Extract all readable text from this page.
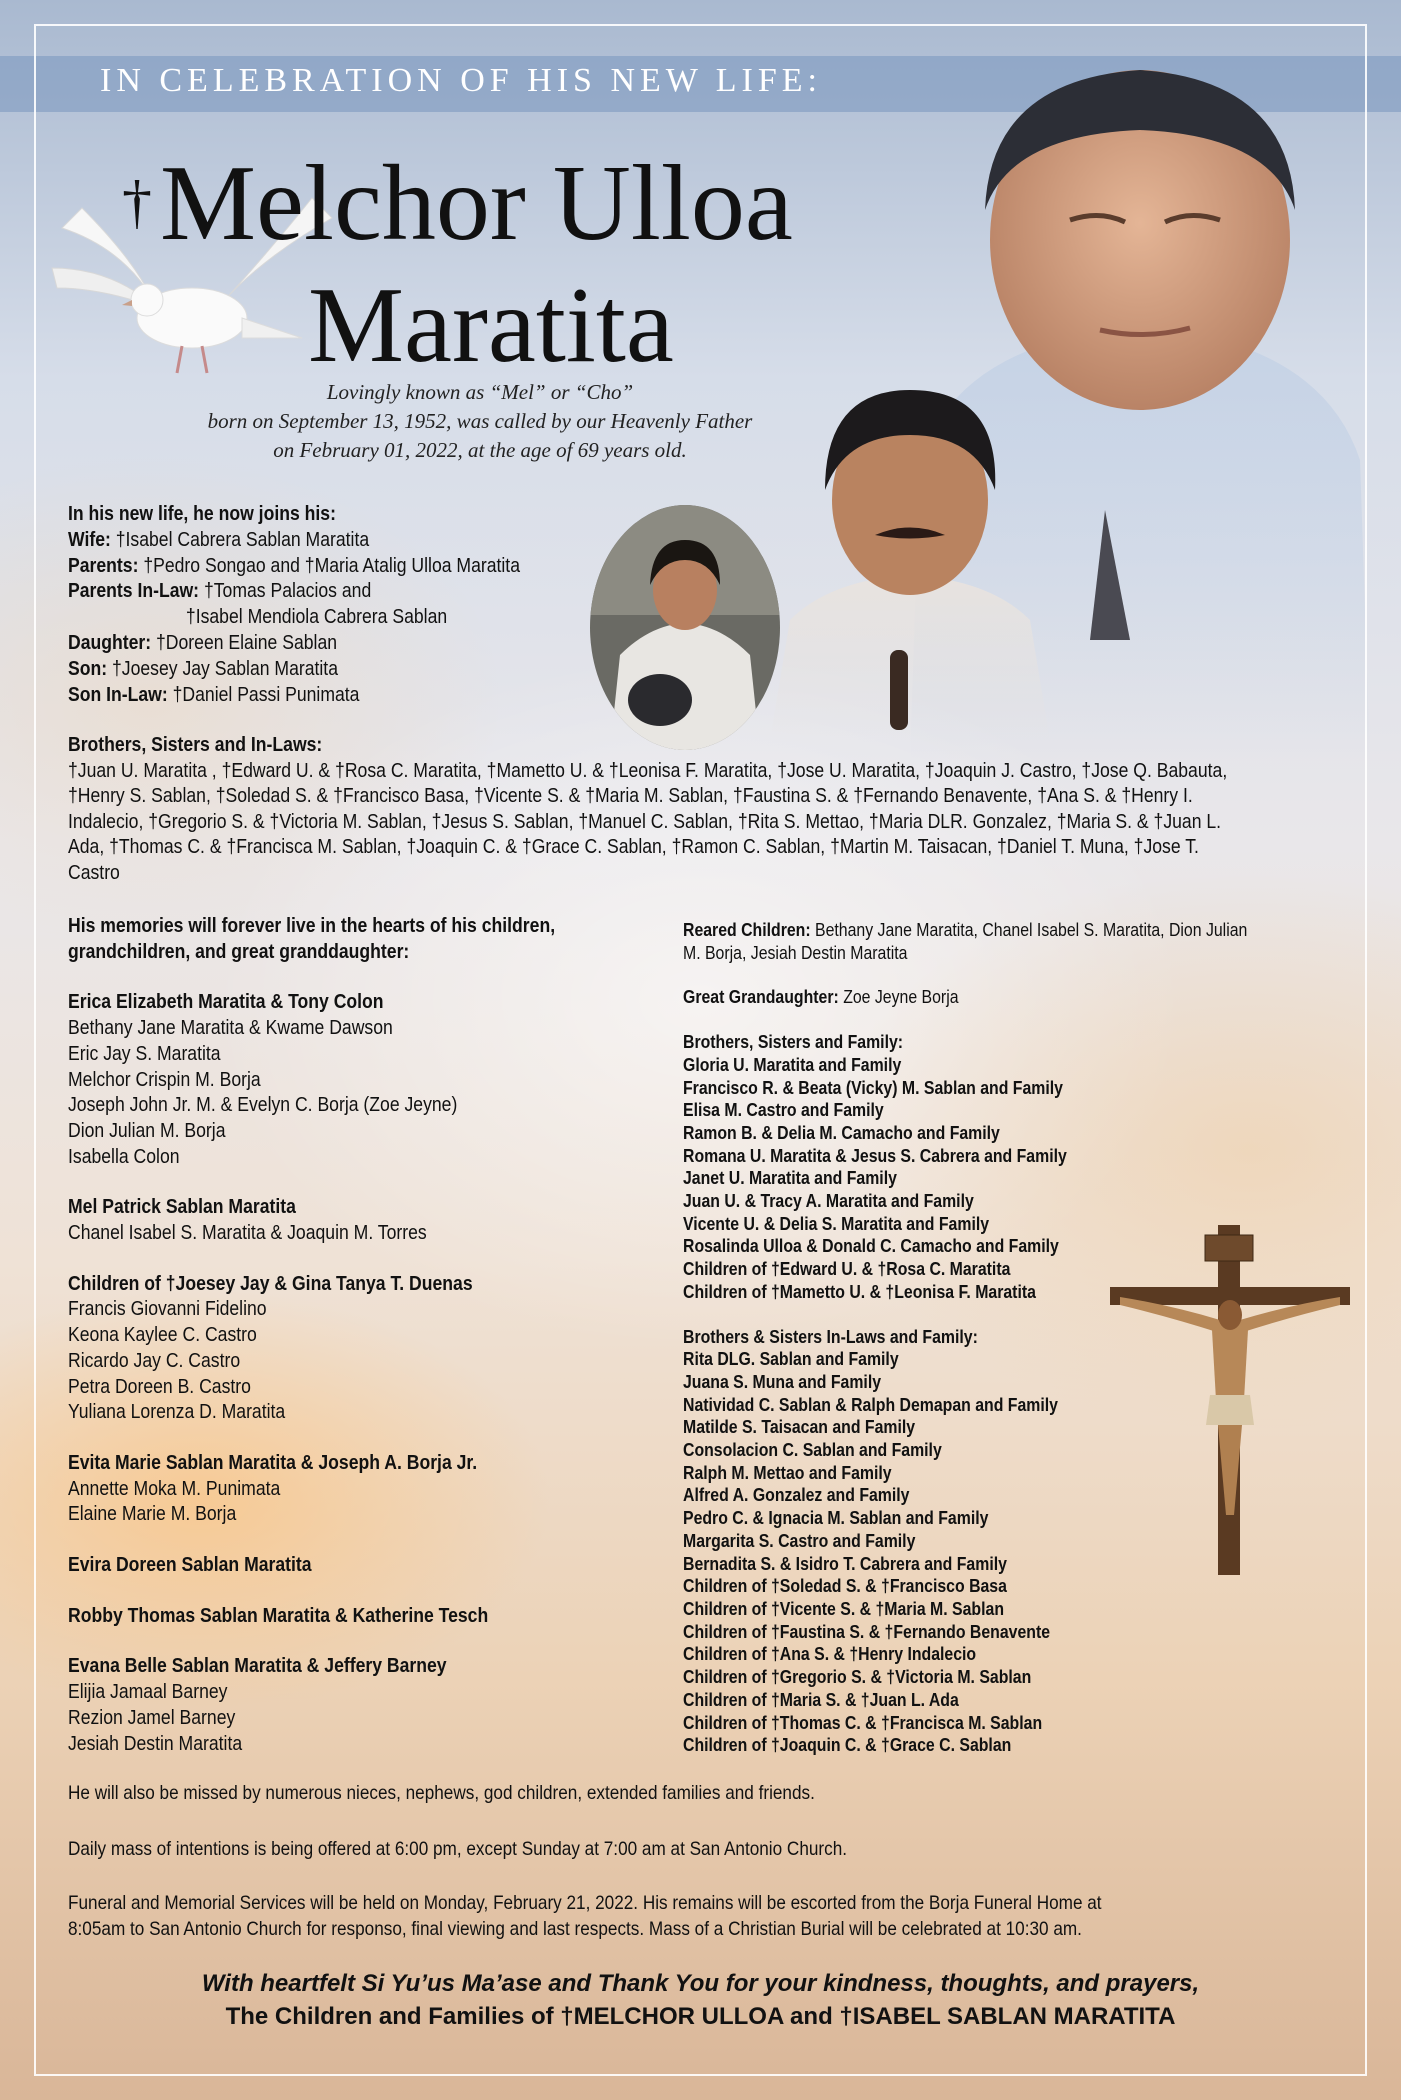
IN CELEBRATION OF HIS NEW LIFE:
† Melchor Ulloa
Maratita
Lovingly known as “Mel” or “Cho”
born on September 13, 1952, was called by our Heavenly Father
on February 01, 2022, at the age of 69 years old.
In his new life, he now joins his:
Wife: †Isabel Cabrera Sablan Maratita
Parents: †Pedro Songao and †Maria Atalig Ulloa Maratita
Parents In-Law: †Tomas Palacios and
†Isabel Mendiola Cabrera Sablan
Daughter: †Doreen Elaine Sablan
Son: †Joesey Jay Sablan Maratita
Son In-Law: †Daniel Passi Punimata
Brothers, Sisters and In-Laws:
†Juan U. Maratita , †Edward U. & †Rosa C. Maratita, †Mametto U. & †Leonisa F. Maratita, †Jose U. Maratita, †Joaquin J. Castro, †Jose Q. Babauta,
†Henry S. Sablan, †Soledad S. & †Francisco Basa, †Vicente S. & †Maria M. Sablan, †Faustina S. & †Fernando Benavente, †Ana S. & †Henry I.
Indalecio, †Gregorio S. & †Victoria M. Sablan, †Jesus S. Sablan, †Manuel C. Sablan, †Rita S. Mettao, †Maria DLR. Gonzalez, †Maria S. & †Juan L.
Ada, †Thomas C. & †Francisca M. Sablan, †Joaquin C. & †Grace C. Sablan, †Ramon C. Sablan, †Martin M. Taisacan, †Daniel T. Muna, †Jose T.
Castro
His memories will forever live in the hearts of his children,
grandchildren, and great granddaughter:
Erica Elizabeth Maratita & Tony Colon
Bethany Jane Maratita & Kwame Dawson
Eric Jay S. Maratita
Melchor Crispin M. Borja
Joseph John Jr. M. & Evelyn C. Borja (Zoe Jeyne)
Dion Julian M. Borja
Isabella Colon
Mel Patrick Sablan Maratita
Chanel Isabel S. Maratita & Joaquin M. Torres
Children of †Joesey Jay & Gina Tanya T. Duenas
Francis Giovanni Fidelino
Keona Kaylee C. Castro
Ricardo Jay C. Castro
Petra Doreen B. Castro
Yuliana Lorenza D. Maratita
Evita Marie Sablan Maratita & Joseph A. Borja Jr.
Annette Moka M. Punimata
Elaine Marie M. Borja
Evira Doreen Sablan Maratita
Robby Thomas Sablan Maratita & Katherine Tesch
Evana Belle Sablan Maratita & Jeffery Barney
Elijia Jamaal Barney
Rezion Jamel Barney
Jesiah Destin Maratita
Reared Children: Bethany Jane Maratita, Chanel Isabel S. Maratita, Dion Julian
M. Borja, Jesiah Destin Maratita
Great Grandaughter: Zoe Jeyne Borja
Brothers, Sisters and Family:
Gloria U. Maratita and Family
Francisco R. & Beata (Vicky) M. Sablan and Family
Elisa M. Castro and Family
Ramon B. & Delia M. Camacho and Family
Romana U. Maratita & Jesus S. Cabrera and Family
Janet U. Maratita and Family
Juan U. & Tracy A. Maratita and Family
Vicente U. & Delia S. Maratita and Family
Rosalinda Ulloa & Donald C. Camacho and Family
Children of †Edward U. & †Rosa C. Maratita
Children of †Mametto U. & †Leonisa F. Maratita
Brothers & Sisters In-Laws and Family:
Rita DLG. Sablan and Family
Juana S. Muna and Family
Natividad C. Sablan & Ralph Demapan and Family
Matilde S. Taisacan and Family
Consolacion C. Sablan and Family
Ralph M. Mettao and Family
Alfred A. Gonzalez and Family
Pedro C. & Ignacia M. Sablan and Family
Margarita S. Castro and Family
Bernadita S. & Isidro T. Cabrera and Family
Children of †Soledad S. & †Francisco Basa
Children of †Vicente S. & †Maria M. Sablan
Children of †Faustina S. & †Fernando Benavente
Children of †Ana S. & †Henry Indalecio
Children of †Gregorio S. & †Victoria M. Sablan
Children of †Maria S. & †Juan L. Ada
Children of †Thomas C. & †Francisca M. Sablan
Children of †Joaquin C. & †Grace C. Sablan
He will also be missed by numerous nieces, nephews, god children, extended families and friends.
Daily mass of intentions is being offered at 6:00 pm, except Sunday at 7:00 am at San Antonio Church.
Funeral and Memorial Services will be held on Monday, February 21, 2022. His remains will be escorted from the Borja Funeral Home at
8:05am to San Antonio Church for responso, final viewing and last respects. Mass of a Christian Burial will be celebrated at 10:30 am.
With heartfelt Si Yu’us Ma’ase and Thank You for your kindness, thoughts, and prayers,
The Children and Families of †MELCHOR ULLOA and †ISABEL SABLAN MARATITA
